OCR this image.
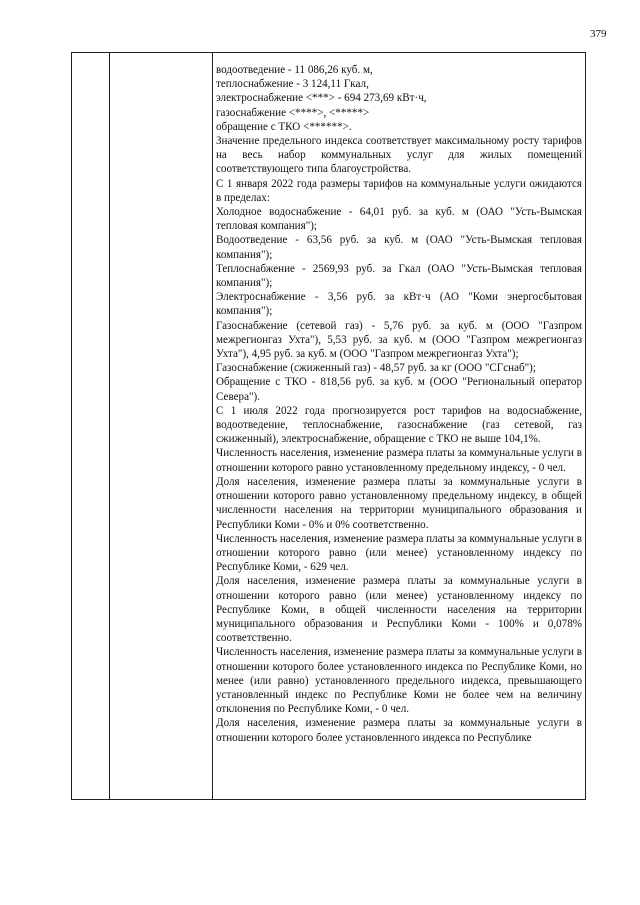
379

водоотведение - 11 086,26 куб. м,

теплоснабжение - 3 124,11 Гкал,

электроснабжение <***> - 694 273,69 кВт·ч,

газоснабжение <****>, <*****>

обращение с ТКО <******>.

Значение предельного индекса соответствует максимальному росту тарифов на весь набор коммунальных услуг для жилых помещений соответствующего типа благоустройства.

С 1 января 2022 года размеры тарифов на коммунальные услуги ожидаются в пределах:

Холодное водоснабжение - 64,01 руб. за куб. м (ОАО "Усть-Вымская тепловая компания");

Водоотведение - 63,56 руб. за куб. м (ОАО "Усть-Вымская тепловая компания");

Теплоснабжение - 2569,93 руб. за Гкал (ОАО "Усть-Вымская тепловая компания");

Электроснабжение - 3,56 руб. за кВт·ч (АО "Коми энергосбытовая компания");

Газоснабжение (сетевой газ) - 5,76 руб. за куб. м (ООО "Газпром межрегионгаз Ухта"), 5,53 руб. за куб. м (ООО "Газпром межрегионгаз Ухта"), 4,95 руб. за куб. м (ООО "Газпром межрегионгаз Ухта");

Газоснабжение (сжиженный газ) - 48,57 руб. за кг (ООО "СГснаб");

Обращение с ТКО - 818,56 руб. за куб. м (ООО "Региональный оператор Севера").

С 1 июля 2022 года прогнозируется рост тарифов на водоснабжение, водоотведение, теплоснабжение, газоснабжение (газ сетевой, газ сжиженный), электроснабжение, обращение с ТКО не выше 104,1%.

Численность населения, изменение размера платы за коммунальные услуги в отношении которого равно установленному предельному индексу, - 0 чел.

Доля населения, изменение размера платы за коммунальные услуги в отношении которого равно установленному предельному индексу, в общей численности населения на территории муниципального образования и Республики Коми - 0% и 0% соответственно.

Численность населения, изменение размера платы за коммунальные услуги в отношении которого равно (или менее) установленному индексу по Республике Коми, - 629 чел.

Доля населения, изменение размера платы за коммунальные услуги в отношении которого равно (или менее) установленному индексу по Республике Коми, в общей численности населения на территории муниципального образования и Республики Коми - 100% и 0,078% соответственно.

Численность населения, изменение размера платы за коммунальные услуги в отношении которого более установленного индекса по Республике Коми, но менее (или равно) установленного предельного индекса, превышающего установленный индекс по Республике Коми не более чем на величину отклонения по Республике Коми, - 0 чел.

Доля населения, изменение размера платы за коммунальные услуги в отношении которого более установленного индекса по Республике
